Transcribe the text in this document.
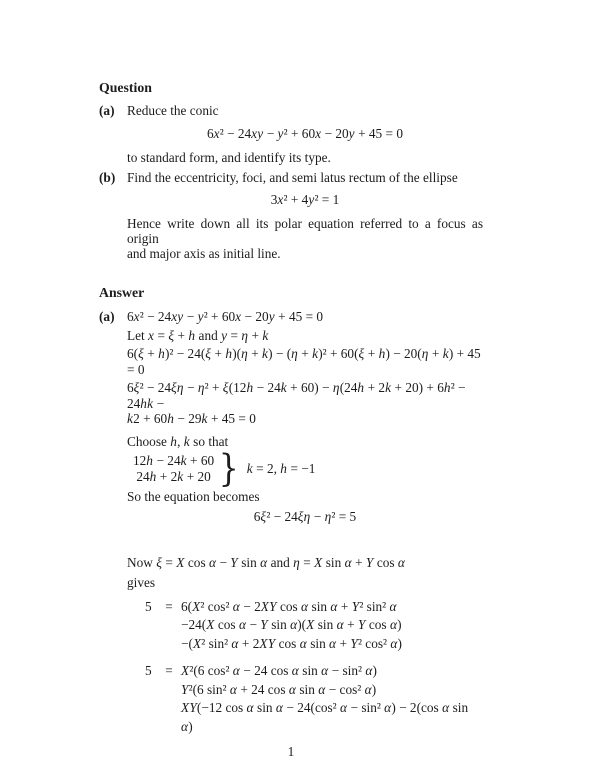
Question
(a) Reduce the conic
6x² − 24xy − y² + 60x − 20y + 45 = 0
to standard form, and identify its type.
(b) Find the eccentricity, foci, and semi latus rectum of the ellipse
3x² + 4y² = 1
Hence write down all its polar equation referred to a focus as origin
and major axis as initial line.
Answer
(a) 6x² − 24xy − y² + 60x − 20y + 45 = 0
Let x = ξ + h and y = η + k
6(ξ + h)² − 24(ξ + h)(η + k) − (η + k)² + 60(ξ + h) − 20(η + k) + 45 = 0
6ξ² − 24ξη − η² + ξ(12h − 24k + 60) − η(24h + 2k + 20) + 6h² − 24hk −
k2 + 60h − 29k + 45 = 0
Choose h, k so that
12h − 24k + 60
24h + 2k + 20 } k = 2, h = −1
So the equation becomes
6ξ² − 24ξη − η² = 5
Now ξ = X cos α − Y sin α and η = X sin α + Y cos α
gives
5	= 6(X² cos² α − 2XY cos α sin α + Y² sin² α
−24(X cos α − Y sin α)(X sin α + Y cos α)
−(X² sin² α + 2XY cos α sin α + Y² cos² α)
5	= X²(6 cos² α − 24 cos α sin α − sin² α)
Y²(6 sin² α + 24 cos α sin α − cos² α)
XY(−12 cos α sin α − 24(cos² α − sin² α) − 2(cos α sin α)
1
